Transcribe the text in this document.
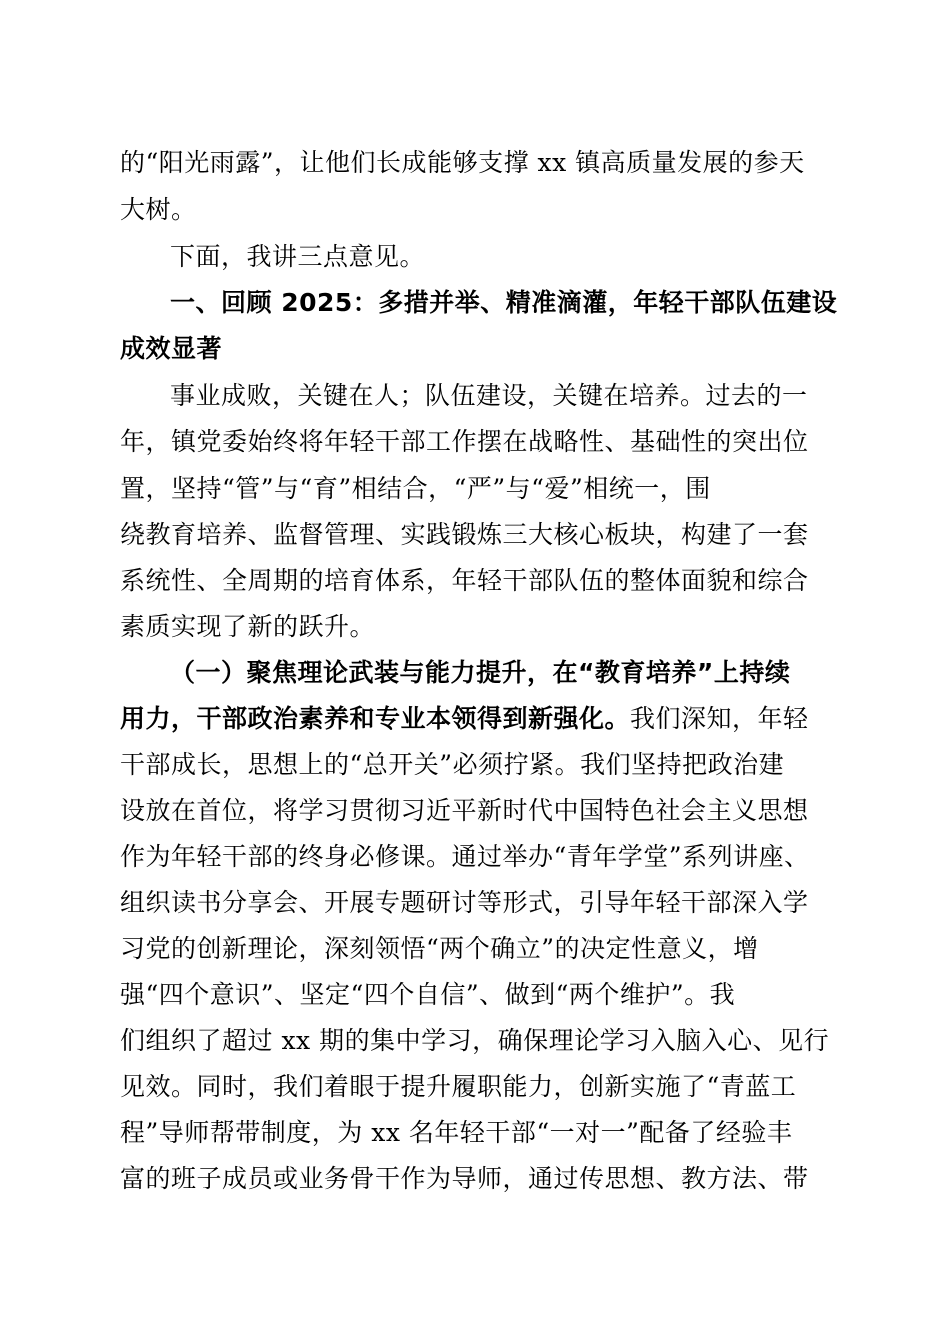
的“阳光雨露”，让他们长成能够支撑 xx 镇高质量发展的参天
大树。
下面，我讲三点意见。
一、回顾 2025：多措并举、精准滴灌，年轻干部队伍建设
成效显著
事业成败，关键在人；队伍建设，关键在培养。过去的一
年，镇党委始终将年轻干部工作摆在战略性、基础性的突出位
置，坚持“管”与“育”相结合，“严”与“爱”相统一，围
绕教育培养、监督管理、实践锻炼三大核心板块，构建了一套
系统性、全周期的培育体系，年轻干部队伍的整体面貌和综合
素质实现了新的跃升。
（一）聚焦理论武装与能力提升，在“教育培养”上持续
用力，干部政治素养和专业本领得到新强化。我们深知，年轻
干部成长，思想上的“总开关”必须拧紧。我们坚持把政治建
设放在首位，将学习贯彻习近平新时代中国特色社会主义思想
作为年轻干部的终身必修课。通过举办“青年学堂”系列讲座、
组织读书分享会、开展专题研讨等形式，引导年轻干部深入学
习党的创新理论，深刻领悟“两个确立”的决定性意义，增
强“四个意识”、坚定“四个自信”、做到“两个维护”。我
们组织了超过 xx 期的集中学习，确保理论学习入脑入心、见行
见效。同时，我们着眼于提升履职能力，创新实施了“青蓝工
程”导师帮带制度，为 xx 名年轻干部“一对一”配备了经验丰
富的班子成员或业务骨干作为导师，通过传思想、教方法、带
